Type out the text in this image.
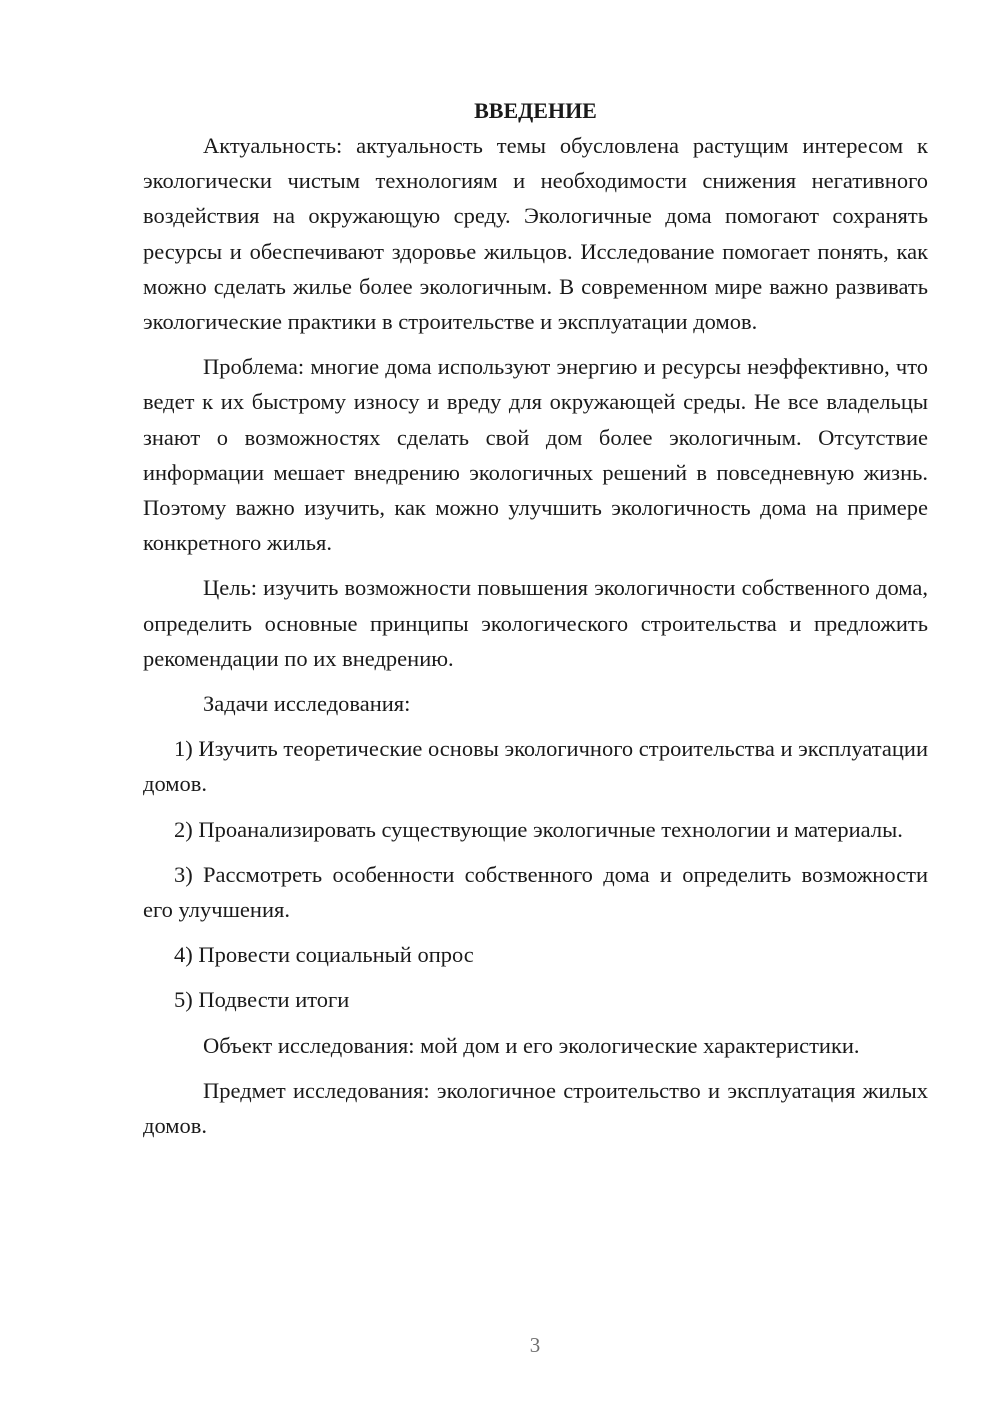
ВВЕДЕНИЕ

Актуальность: актуальность темы обусловлена растущим интересом к экологически чистым технологиям и необходимости снижения негативного воздействия на окружающую среду. Экологичные дома помогают сохранять ресурсы и обеспечивают здоровье жильцов. Исследование помогает понять, как можно сделать жилье более экологичным. В современном мире важно развивать экологические практики в строительстве и эксплуатации домов.

Проблема: многие дома используют энергию и ресурсы неэффективно, что ведет к их быстрому износу и вреду для окружающей среды. Не все владельцы знают о возможностях сделать свой дом более экологичным. Отсутствие информации мешает внедрению экологичных решений в повседневную жизнь. Поэтому важно изучить, как можно улучшить экологичность дома на примере конкретного жилья.

Цель: изучить возможности повышения экологичности собственного дома, определить основные принципы экологического строительства и предложить рекомендации по их внедрению.

Задачи исследования:

1) Изучить теоретические основы экологичного строительства и эксплуатации домов.

2) Проанализировать существующие экологичные технологии и материалы.

3) Рассмотреть особенности собственного дома и определить возможности его улучшения.

4) Провести социальный опрос

5) Подвести итоги

Объект исследования: мой дом и его экологические характеристики.

Предмет исследования: экологичное строительство и эксплуатация жилых домов.

3
